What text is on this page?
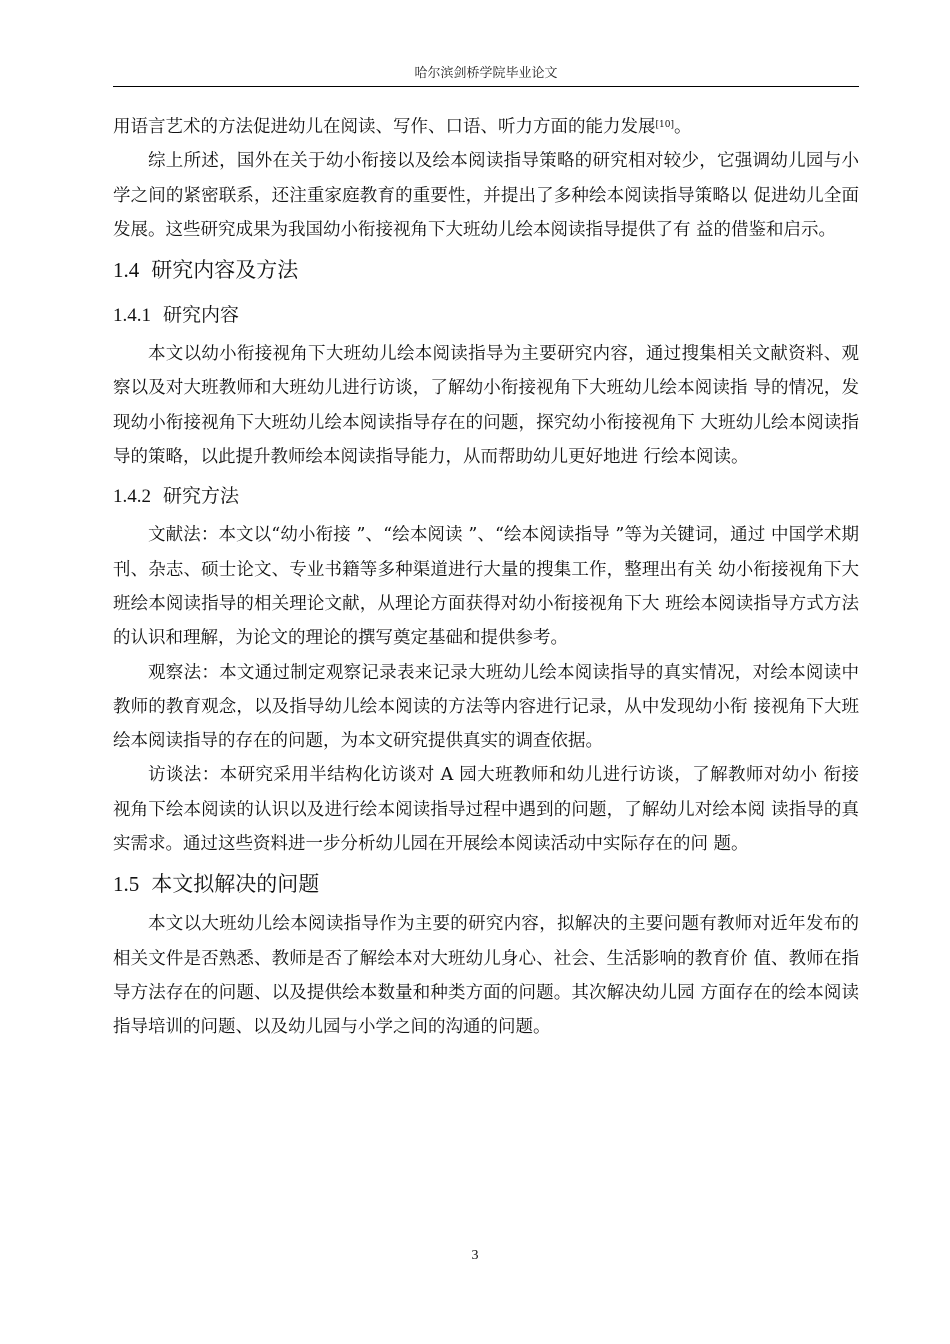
哈尔滨剑桥学院毕业论文

用语言艺术的方法促进幼儿在阅读、写作、口语、听力方面的能力发展[10]。

综上所述，国外在关于幼小衔接以及绘本阅读指导策略的研究相对较少，它强调幼儿园与小学之间的紧密联系，还注重家庭教育的重要性，并提出了多种绘本阅读指导策略以 促进幼儿全面发展。这些研究成果为我国幼小衔接视角下大班幼儿绘本阅读指导提供了有 益的借鉴和启示。

1.4 研究内容及方法
1.4.1 研究内容

本文以幼小衔接视角下大班幼儿绘本阅读指导为主要研究内容，通过搜集相关文献资料、观察以及对大班教师和大班幼儿进行访谈，了解幼小衔接视角下大班幼儿绘本阅读指 导的情况，发现幼小衔接视角下大班幼儿绘本阅读指导存在的问题，探究幼小衔接视角下 大班幼儿绘本阅读指导的策略，以此提升教师绘本阅读指导能力，从而帮助幼儿更好地进 行绘本阅读。

1.4.2 研究方法

文献法：本文以“幼小衔接 ”、“绘本阅读 ”、“绘本阅读指导 ”等为关键词，通过 中国学术期刊、杂志、硕士论文、专业书籍等多种渠道进行大量的搜集工作，整理出有关 幼小衔接视角下大班绘本阅读指导的相关理论文献，从理论方面获得对幼小衔接视角下大 班绘本阅读指导方式方法的认识和理解，为论文的理论的撰写奠定基础和提供参考。

观察法：本文通过制定观察记录表来记录大班幼儿绘本阅读指导的真实情况，对绘本阅读中教师的教育观念，以及指导幼儿绘本阅读的方法等内容进行记录，从中发现幼小衔 接视角下大班绘本阅读指导的存在的问题，为本文研究提供真实的调查依据。

访谈法：本研究采用半结构化访谈对 A 园大班教师和幼儿进行访谈，了解教师对幼小 衔接视角下绘本阅读的认识以及进行绘本阅读指导过程中遇到的问题，了解幼儿对绘本阅 读指导的真实需求。通过这些资料进一步分析幼儿园在开展绘本阅读活动中实际存在的问 题。

1.5 本文拟解决的问题

本文以大班幼儿绘本阅读指导作为主要的研究内容，拟解决的主要问题有教师对近年发布的相关文件是否熟悉、教师是否了解绘本对大班幼儿身心、社会、生活影响的教育价 值、教师在指导方法存在的问题、以及提供绘本数量和种类方面的问题。其次解决幼儿园 方面存在的绘本阅读指导培训的问题、以及幼儿园与小学之间的沟通的问题。

3
